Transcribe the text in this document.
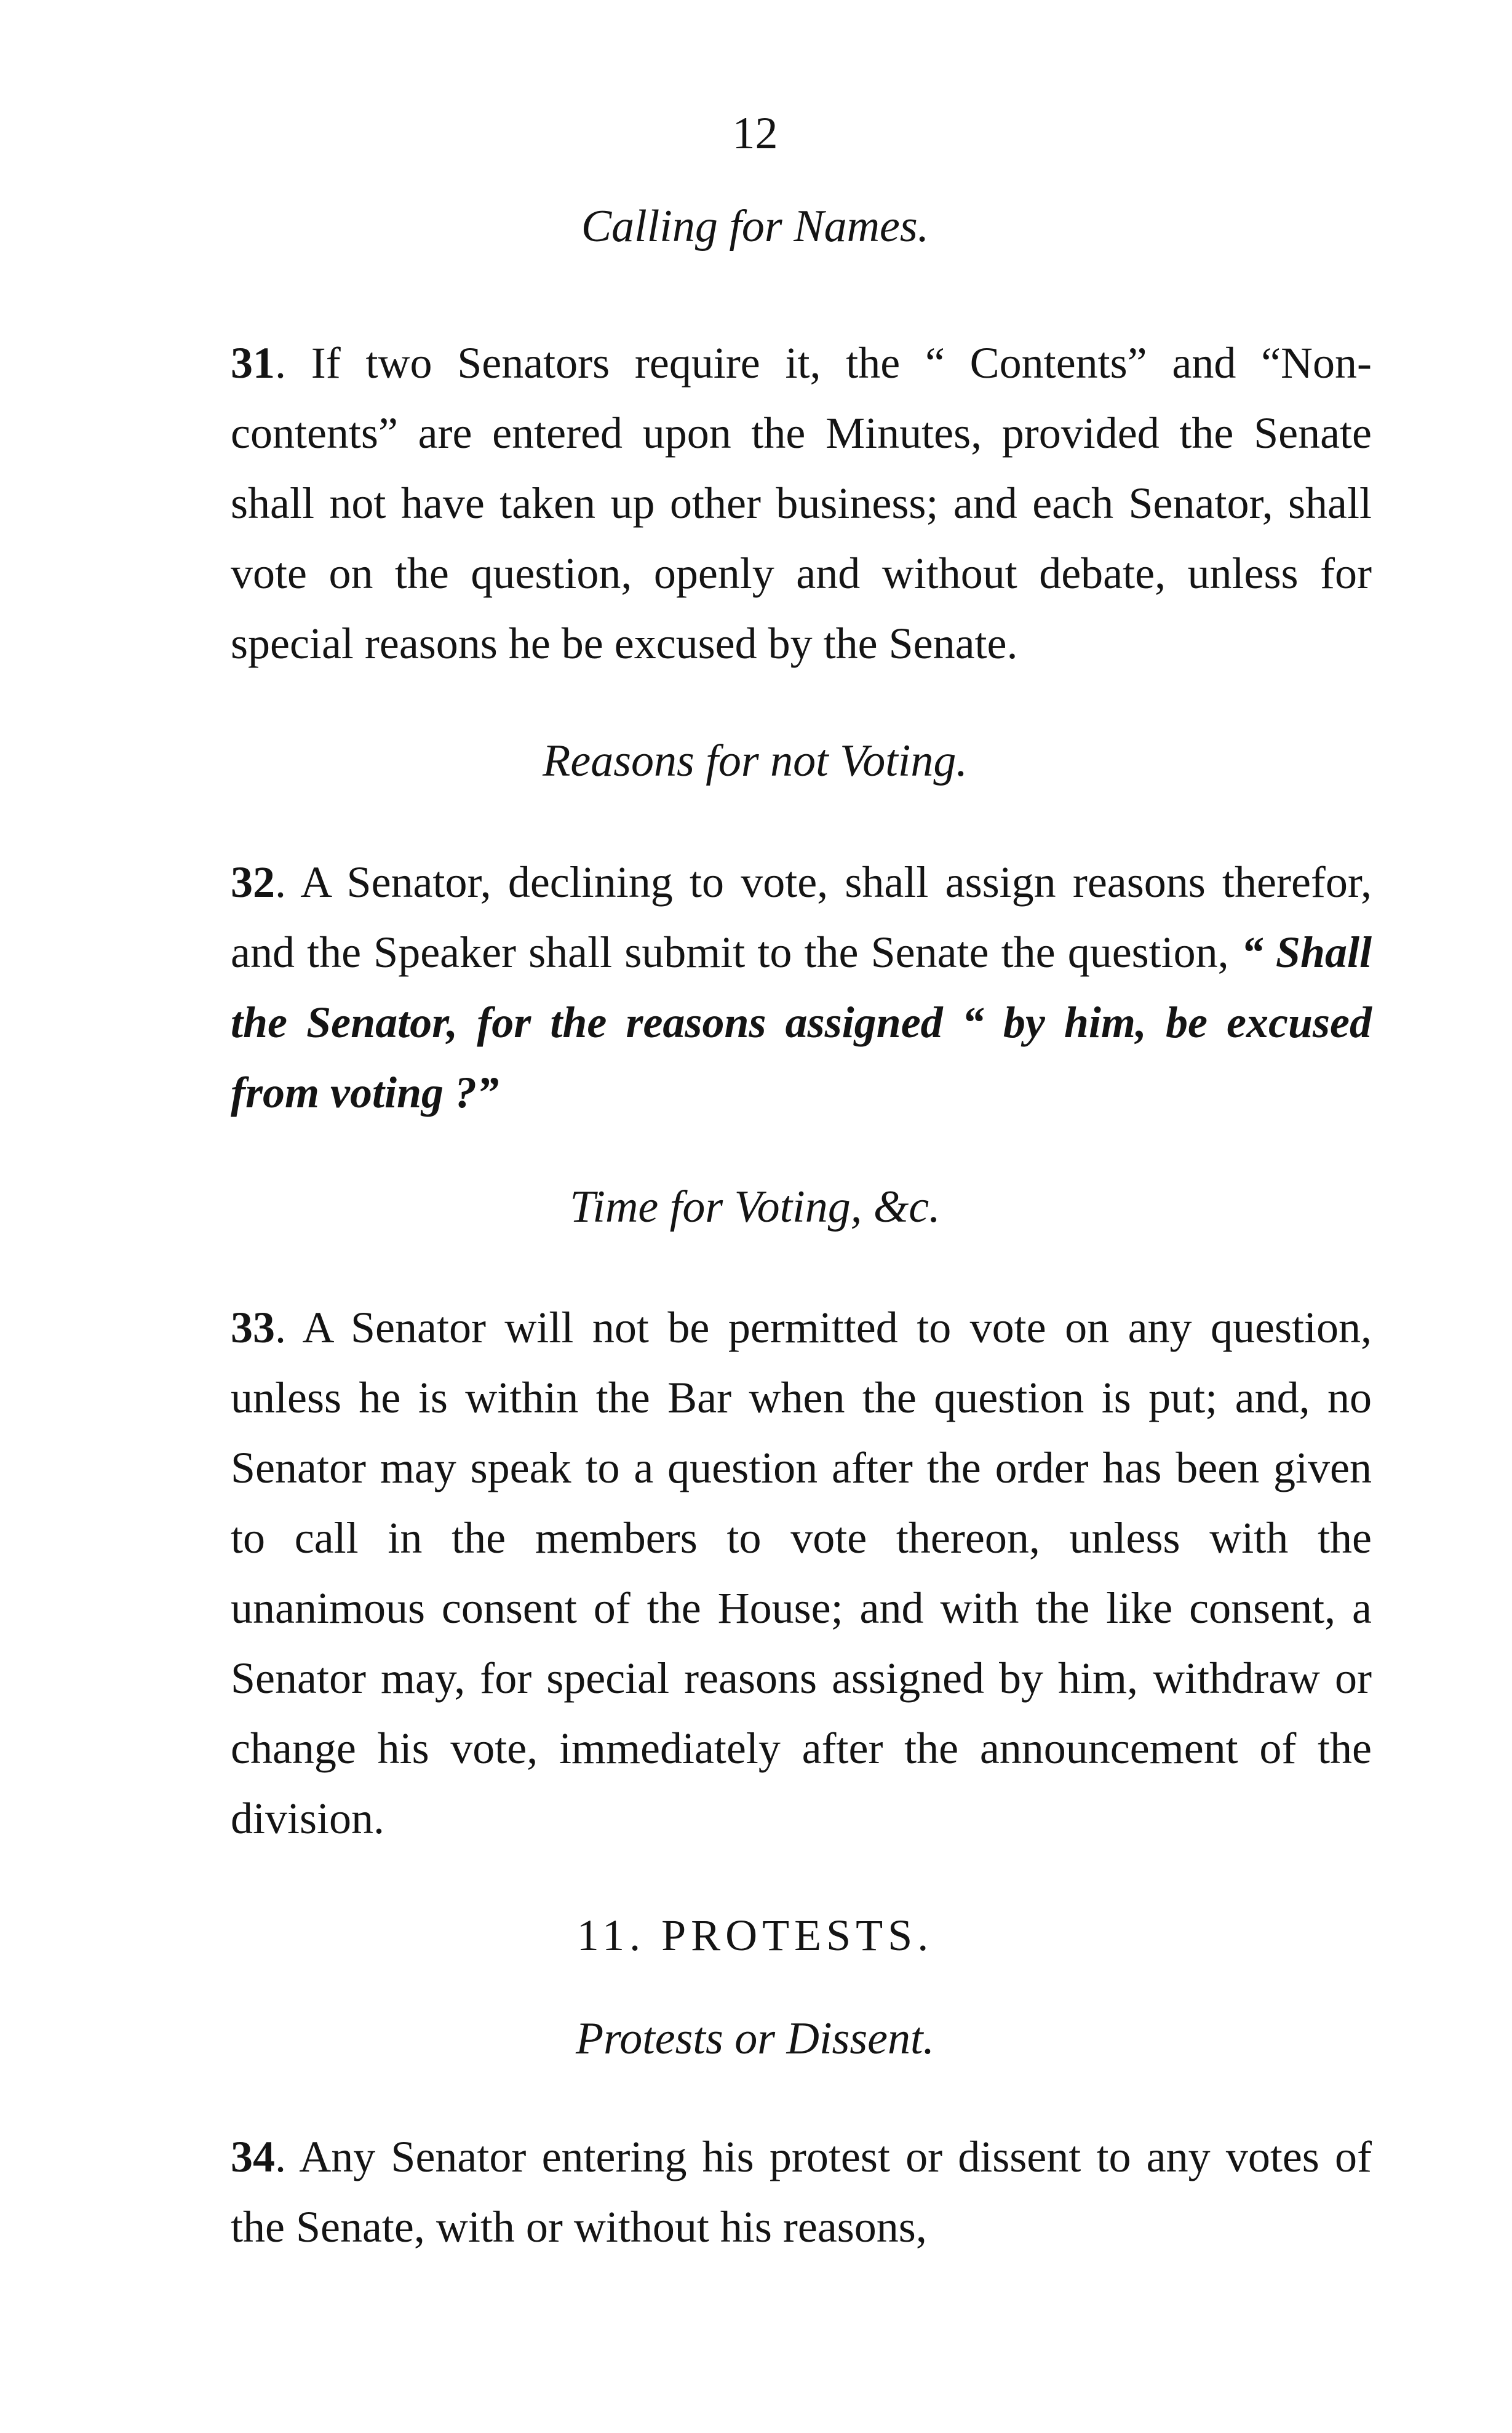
12

Calling for Names.

31. If two Senators require it, the “ Contents” and “Non-contents” are entered upon the Minutes, provided the Senate shall not have taken up other business; and each Senator, shall vote on the question, openly and without debate, unless for special reasons he be excused by the Senate.

Reasons for not Voting.

32. A Senator, declining to vote, shall assign reasons therefor, and the Speaker shall submit to the Senate the question, “ Shall the Senator, for the reasons assigned “ by him, be excused from voting ?”

Time for Voting, &c.

33. A Senator will not be permitted to vote on any question, unless he is within the Bar when the question is put; and, no Senator may speak to a question after the order has been given to call in the members to vote thereon, unless with the unanimous consent of the House; and with the like consent, a Senator may, for special reasons assigned by him, withdraw or change his vote, immediately after the announcement of the division.

11. PROTESTS.

Protests or Dissent.

34. Any Senator entering his protest or dissent to any votes of the Senate, with or without his reasons,
